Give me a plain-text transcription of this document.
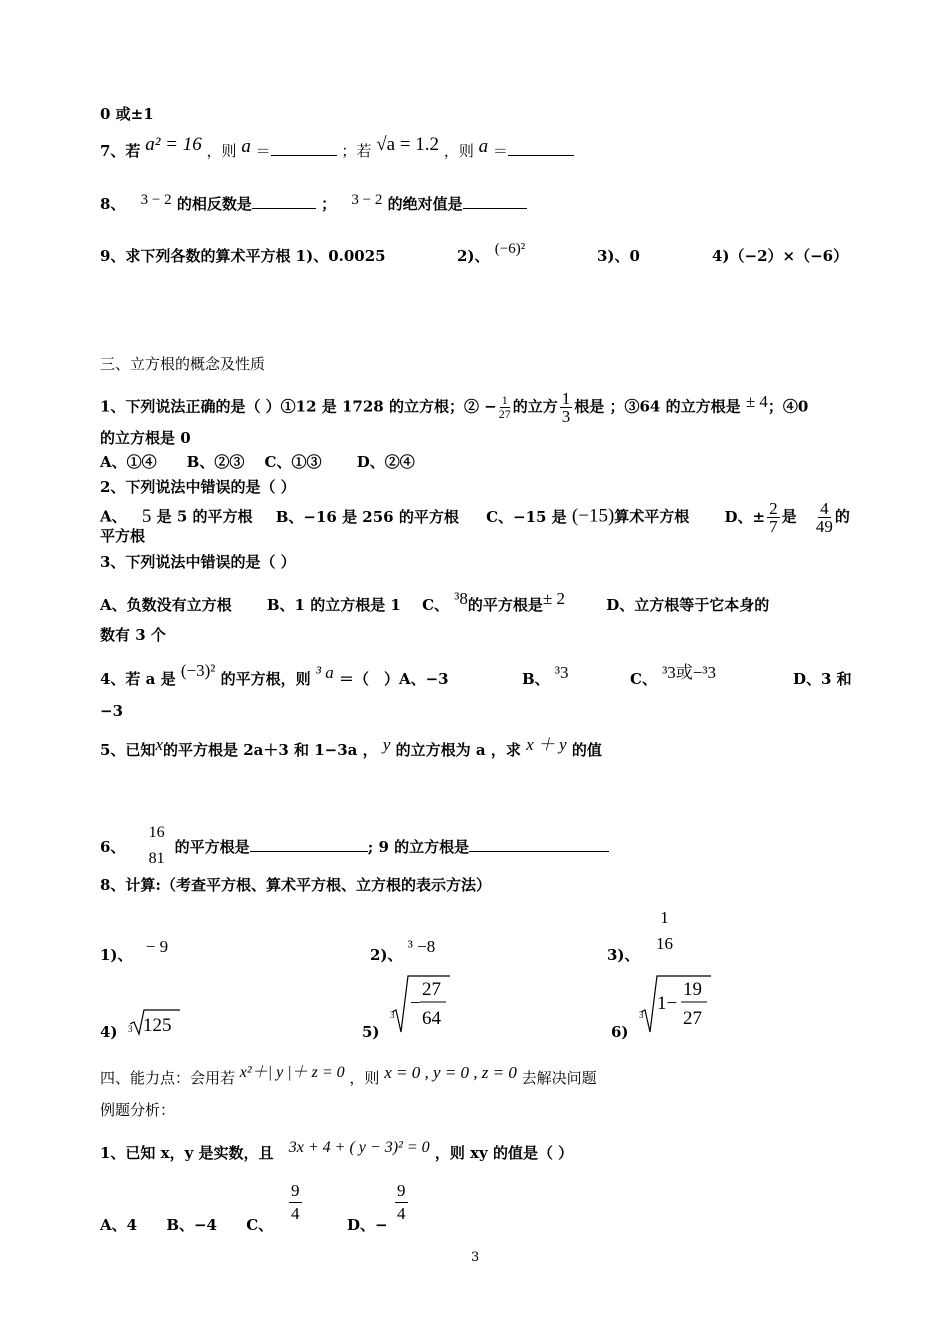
0 或±1
7、若 a² = 16 ，则 a ＝	；若 √a = 1.2 ，则 a ＝
8、 3 − 2 的相反数是	； 3 − 2 的绝对值是
9、求下列各数的算术平方根 1)、0.0025	2)、 (−6)²	3)、0	4)（−2）×（−6）
三、立方根的概念及性质
1、下列说法正确的是（ ）①12 是 1728 的立方根；② − $\frac{1}{27}$ 的立方 $\frac{1}{3}$ 根是 ；③64 的立方根是 ± 4；④0
的立方根是 0
A、①④　　B、②③　 C、①③　　 D、②④
2、下列说法中错误的是（ ）
A、 5 是 5 的平方根 B、−16 是 256 的平方根 C、−15 是 (−15)算术平方根 D、± $\frac{2}{7}$ 是 $\frac{4}{49}$ 的
平方根
3、下列说法中错误的是（ ）
A、负数没有立方根 B、1 的立方根是 1 C、 ³8的平方根是± 2	D、立方根等于它本身的
数有 3 个
4、若 a 是 (−3)² 的平方根，则 ³ a ＝（　）A、−3	B、 ³3	C、 ³3或−³3	D、3 和
−3
5、已知x的平方根是 2a＋3 和 1−3a ， y 的立方根为 a ，求 x ＋ y 的值
6、
16
81
的平方根是	; 9 的立方根是
8、计算:（考查平方根、算术平方根、立方根的表示方法）
1)、 − 9	2)、 ³ −8	3)、
1
16
4) 3 125	5)
3
−
27
64
6)
3
1−
19
27
四、能力点：会用若 x²＋| y |＋ z = 0 ，则 x = 0 , y = 0 , z = 0 去解决问题
例题分析：
1、已知 x，y 是实数，且 3x + 4 + ( y − 3)² = 0 ，则 xy 的值是（ ）
A、4 B、−4 C、 $\frac{9}{4}$	D、− $\frac{9}{4}$
3
